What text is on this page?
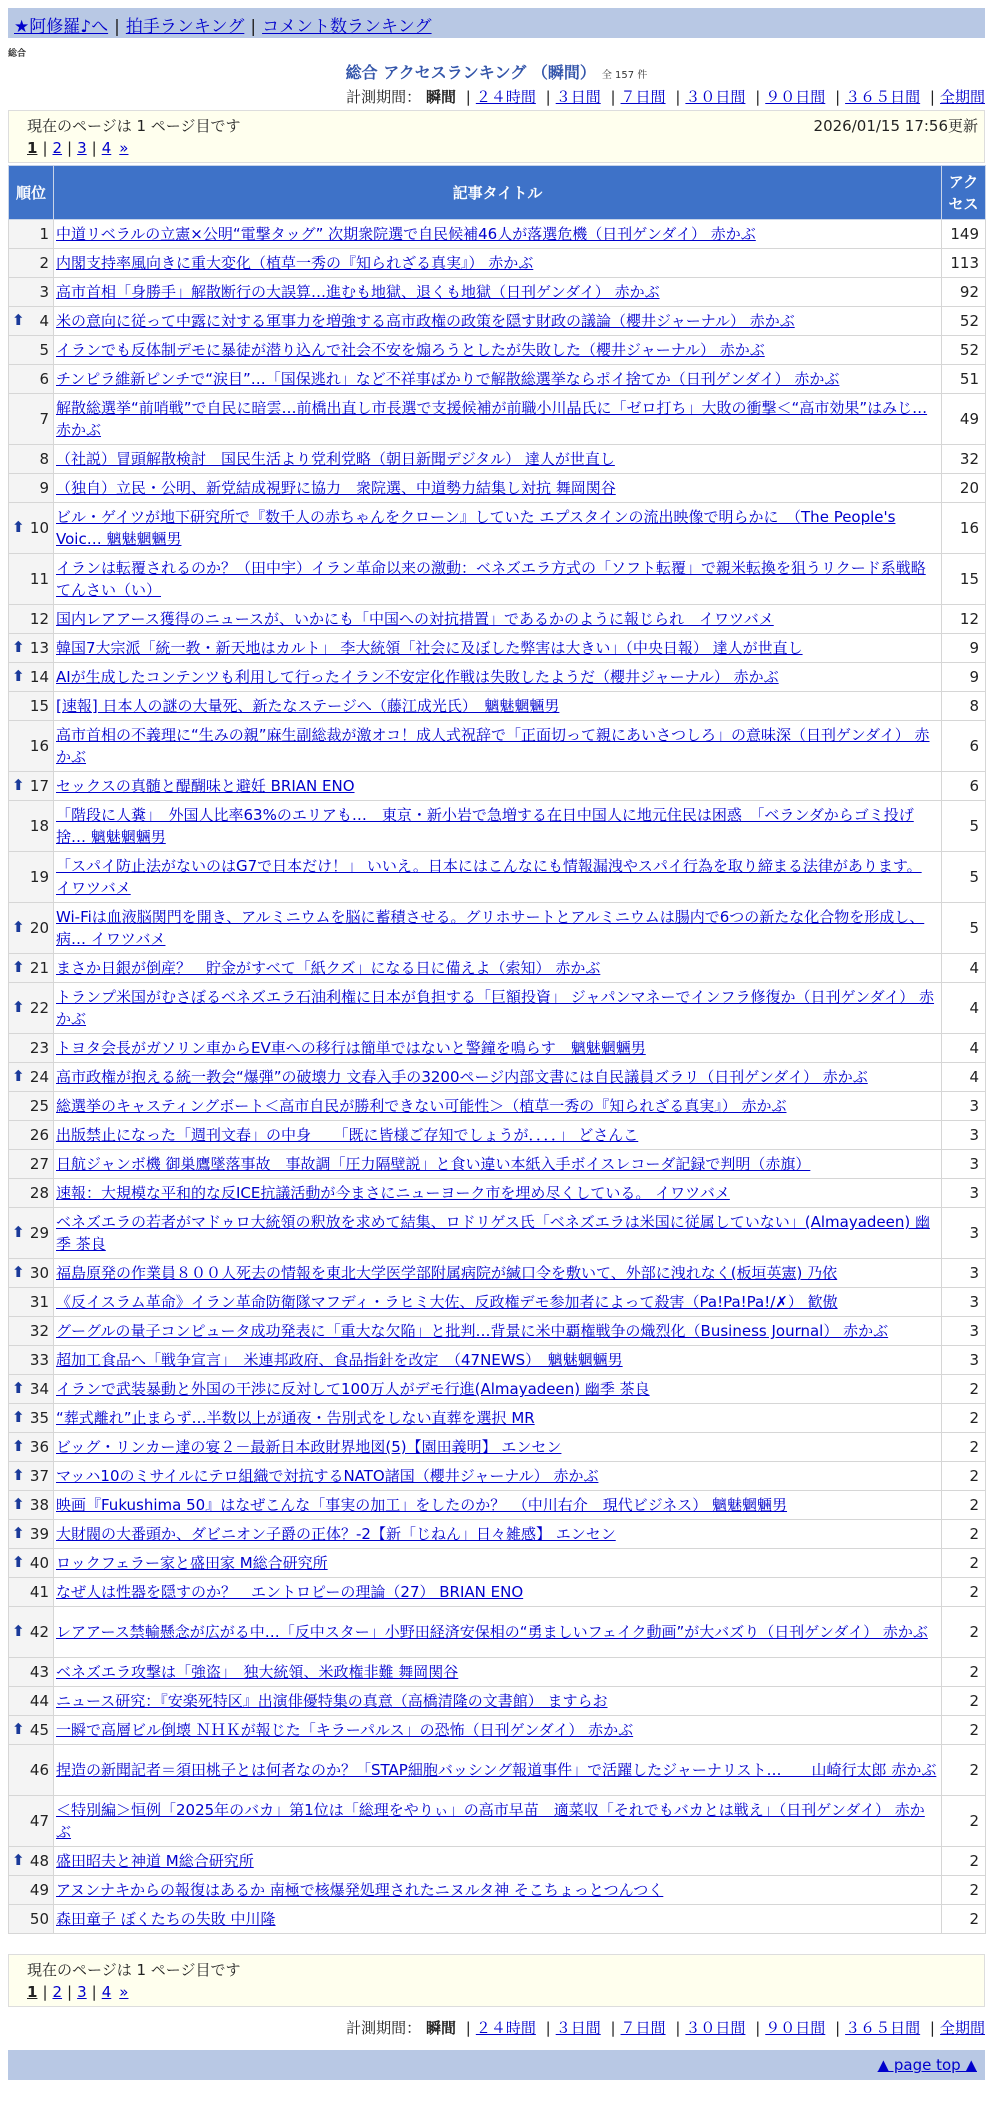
★阿修羅♪へ | 拍手ランキング | コメント数ランキング
総合
総合 アクセスランキング （瞬間） 全 157 件
計測期間： 瞬間 | ２４時間 | ３日間 | ７日間 | ３０日間 | ９０日間 | ３６５日間 | 全期間
現在のページは 1 ページ目です	2026/01/15 17:56更新
1 | 2 | 3 | 4 »
順位	記事タイトル	アクセス
1	中道リベラルの立憲×公明“電撃タッグ” 次期衆院選で自民候補46人が落選危機（日刊ゲンダイ） 赤かぶ	149
2	内閣支持率風向きに重大変化（植草一秀の『知られざる真実』） 赤かぶ	113
3	高市首相「身勝手」解散断行の大誤算…進むも地獄、退くも地獄（日刊ゲンダイ） 赤かぶ	92

⬆ 4	米の意向に従って中露に対する軍事力を増強する高市政権の政策を隠す財政の議論（櫻井ジャーナル） 赤かぶ	52
5	イランでも反体制デモに暴徒が潜り込んで社会不安を煽ろうとしたが失敗した（櫻井ジャーナル） 赤かぶ	52
6	チンピラ維新ピンチで“涙目”…「国保逃れ」など不祥事ばかりで解散総選挙ならポイ捨てか（日刊ゲンダイ） 赤かぶ	51
7	解散総選挙“前哨戦”で自民に暗雲…前橋出直し市長選で支援候補が前職小川晶氏に「ゼロ打ち」大敗の衝撃＜“高市効果”はみじ… 赤かぶ	49
8	（社説）冒頭解散検討　国民生活より党利党略（朝日新聞デジタル） 達人が世直し	32
9	（独自）立民・公明、新党結成視野に協力　衆院選、中道勢力結集し対抗 舞岡関谷	20

⬆ 10	ビル・ゲイツが地下研究所で『数千人の赤ちゃんをクローン』していた エプスタインの流出映像で明らかに　（The People's Voic… 魑魅魍魎男	16
11	イランは転覆されるのか？（田中宇）イラン革命以来の激動：ベネズエラ方式の「ソフト転覆」で親米転換を狙うリクード系戦略 てんさい（い）	15
12	国内レアアース獲得のニュースが、いかにも「中国への対抗措置」であるかのように報じられ　イワツバメ	12

⬆ 13	韓国7大宗派「統一教・新天地はカルト」 李大統領「社会に及ぼした弊害は大きい」（中央日報） 達人が世直し	9

⬆ 14	AIが生成したコンテンツも利用して行ったイラン不安定化作戦は失敗したようだ（櫻井ジャーナル） 赤かぶ	9
15	[速報] 日本人の謎の大量死、新たなステージへ（藤江成光氏）　魑魅魍魎男	8
16	高市首相の不義理に“生みの親”麻生副総裁が激オコ！成人式祝辞で「正面切って親にあいさつしろ」の意味深（日刊ゲンダイ） 赤かぶ	6

⬆ 17	セックスの真髄と醍醐味と避妊 BRIAN ENO	6
18	「階段に人糞」　外国人比率63%のエリアも…　東京・新小岩で急増する在日中国人に地元住民は困惑　「ベランダからゴミ投げ捨… 魑魅魍魎男	5
19	「スパイ防止法がないのはG7で日本だけ！」 いいえ。日本にはこんなにも情報漏洩やスパイ行為を取り締まる法律があります。 イワツバメ	5

⬆ 20	Wi-Fiは血液脳関門を開き、アルミニウムを脳に蓄積させる。グリホサートとアルミニウムは腸内で6つの新たな化合物を形成し、病… イワツバメ	5

⬆ 21	まさか日銀が倒産？　貯金がすべて「紙クズ」になる日に備えよ（索知） 赤かぶ	4

⬆ 22	トランプ米国がむさぼるベネズエラ石油利権に日本が負担する「巨額投資」 ジャパンマネーでインフラ修復か（日刊ゲンダイ） 赤かぶ	4
23	トヨタ会長がガソリン車からEV車への移行は簡単ではないと警鐘を鳴らす　魑魅魍魎男	4

⬆ 24	高市政権が抱える統一教会“爆弾”の破壊力 文春入手の3200ページ内部文書には自民議員ズラリ（日刊ゲンダイ） 赤かぶ	4
25	総選挙のキャスティングボート＜高市自民が勝利できない可能性＞（植草一秀の『知られざる真実』） 赤かぶ	3
26	出版禁止になった「週刊文春」の中身　　「既に皆様ご存知でしょうが．．．．」 どさんこ	3
27	日航ジャンボ機 御巣鷹墜落事故　事故調「圧力隔壁説」と食い違い本紙入手ボイスレコーダ記録で判明（赤旗）	3
28	速報：大規模な平和的な反ICE抗議活動が今まさにニューヨーク市を埋め尽くしている。 イワツバメ	3

⬆ 29	ベネズエラの若者がマドゥロ大統領の釈放を求めて結集、ロドリゲス氏「ベネズエラは米国に従属していない」(Almayadeen) 幽季 茶良	3

⬆ 30	福島原発の作業員８００人死去の情報を東北大学医学部附属病院が緘口令を敷いて、外部に洩れなく(板垣英憲) 乃依	3
31	《反イスラム革命》イラン革命防衛隊マフディ・ラヒミ大佐、反政権デモ参加者によって殺害（Pa!Pa!Pa!/✗） 歓傲	3
32	グーグルの量子コンピュータ成功発表に「重大な欠陥」と批判…背景に米中覇権戦争の熾烈化（Business Journal） 赤かぶ	3
33	超加工食品へ「戦争宣言」　米連邦政府、食品指針を改定　（47NEWS）　魑魅魍魎男	3

⬆ 34	イランで武装暴動と外国の干渉に反対して100万人がデモ行進(Almayadeen) 幽季 茶良	2

⬆ 35	“葬式離れ”止まらず…半数以上が通夜・告別式をしない直葬を選択 MR	2

⬆ 36	ビッグ・リンカー達の宴２－最新日本政財界地図(5)【園田義明】 エンセン	2

⬆ 37	マッハ10のミサイルにテロ組織で対抗するNATO諸国（櫻井ジャーナル） 赤かぶ	2

⬆ 38	映画『Fukushima 50』はなぜこんな「事実の加工」をしたのか？　（中川右介　現代ビジネス） 魑魅魍魎男	2

⬆ 39	大財閥の大番頭か、ダビニオン子爵の正体？-2【新「じねん」日々雑感】 エンセン	2

⬆ 40	ロックフェラー家と盛田家 M総合研究所	2
41	なぜ人は性器を隠すのか？　エントロピーの理論（27） BRIAN ENO	2

⬆ 42	レアアース禁輸懸念が広がる中…「反中スター」小野田経済安保相の“勇ましいフェイク動画”が大バズり（日刊ゲンダイ） 赤かぶ	2
43	ベネズエラ攻撃は「強盗」　独大統領、米政権非難 舞岡関谷	2
44	ニュース研究：『安楽死特区』出演俳優特集の真意（高橋清隆の文書館） ますらお	2

⬆ 45	一瞬で高層ビル倒壊 ＮＨＫが報じた「キラーパルス」の恐怖（日刊ゲンダイ） 赤かぶ	2
46	捏造の新聞記者＝須田桃子とは何者なのか？「STAP細胞バッシング報道事件」で活躍したジャーナリスト…　　山崎行太郎 赤かぶ	2
47	＜特別編＞恒例「2025年のバカ」第1位は「総理をやりぃ」の高市早苗　適菜収「それでもバカとは戦え」（日刊ゲンダイ） 赤かぶ	2

⬆ 48	盛田昭夫と神道 M総合研究所	2
49	アヌンナキからの報復はあるか 南極で核爆発処理されたニヌルタ神 そこちょっとつんつく	2
50	森田童子 ぼくたちの失敗 中川隆	2
現在のページは 1 ページ目です
1 | 2 | 3 | 4 »
計測期間： 瞬間 | ２４時間 | ３日間 | ７日間 | ３０日間 | ９０日間 | ３６５日間 | 全期間
▲ page top ▲
